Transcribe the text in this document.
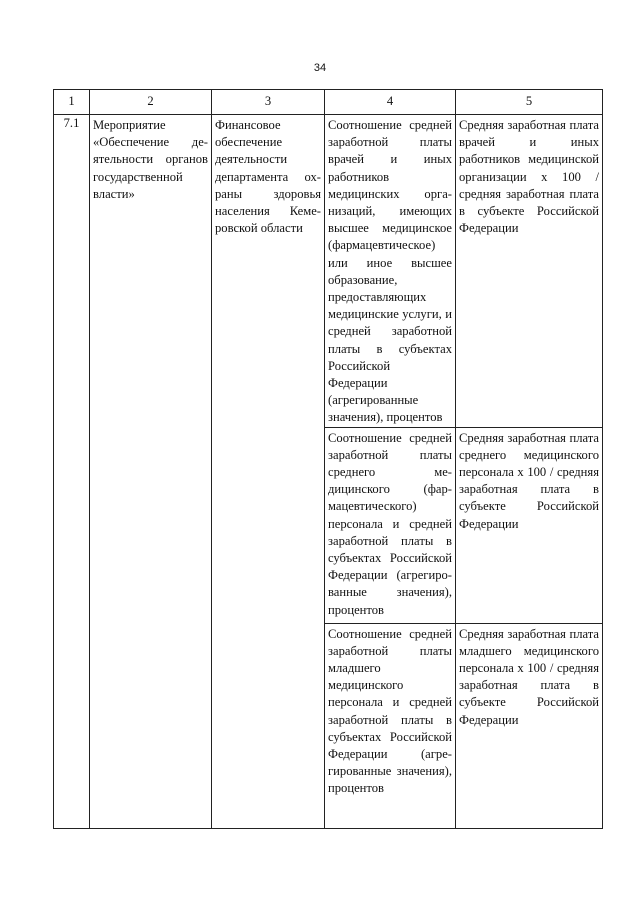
34
1	2	3	4	5
7.1	Мероприятие «Обеспечение деятельности органов государственной власти»	Финансовое обеспечение деятельности департамента охраны здоровья населения Кемеровской области	Соотношение средней заработной платы врачей и иных работников медицинских организаций, имеющих высшее медицинское (фармацевтическое) или иное высшее образование, предоставляющих медицинские услуги, и средней заработной платы в субъектах Российской Федерации (агрегированные значения), процентов	Средняя заработная плата врачей и иных работников медицинской организации х 100 / средняя заработная плата в субъекте Российской Федерации

			Соотношение средней заработной платы среднего медицинского (фармацевтического) персонала и средней заработной платы в субъектах Российской Федерации (агрегированные значения), процентов	Средняя заработная плата среднего медицинского персонала х 100 / средняя заработная плата в субъекте Российской Федерации

			Соотношение средней заработной платы младшего медицинского персонала и средней заработной платы в субъектах Российской Федерации (агрегированные значения), процентов	Средняя заработная плата младшего медицинского персонала х 100 / средняя заработная плата в субъекте Российской Федерации
